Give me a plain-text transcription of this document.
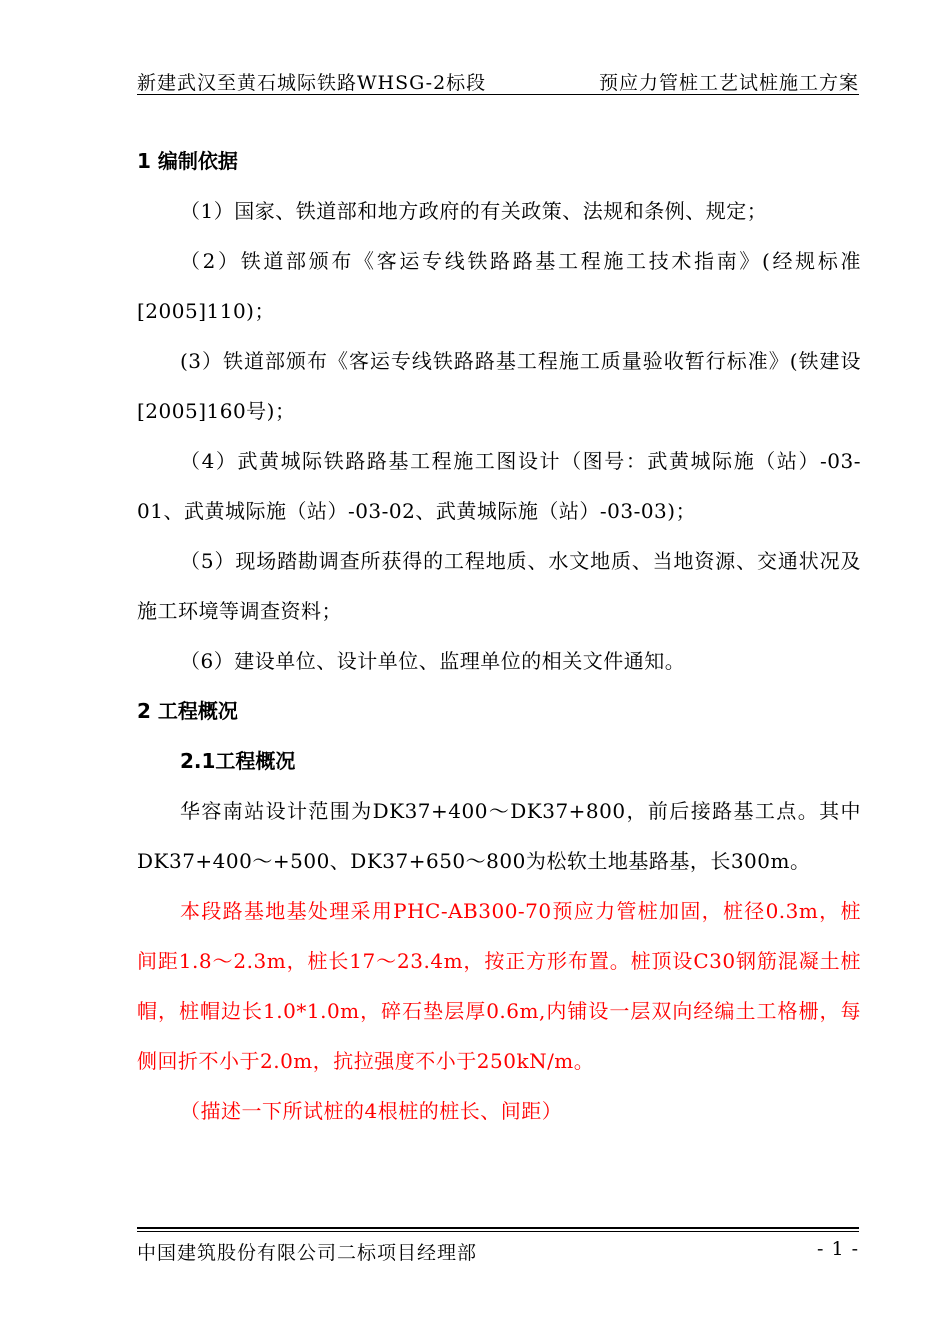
新建武汉至黄石城际铁路WHSG-2标段	预应力管桩工艺试桩施工方案

1 编制依据

（1）国家、铁道部和地方政府的有关政策、法规和条例、规定；

（2）铁道部颁布《客运专线铁路路基工程施工技术指南》(经规标准[2005]110)；

(3）铁道部颁布《客运专线铁路路基工程施工质量验收暂行标准》(铁建设[2005]160号)；

（4）武黄城际铁路路基工程施工图设计（图号：武黄城际施（站）-03-01、武黄城际施（站）-03-02、武黄城际施（站）-03-03)；

（5）现场踏勘调查所获得的工程地质、水文地质、当地资源、交通状况及施工环境等调查资料；

（6）建设单位、设计单位、监理单位的相关文件通知。

2 工程概况

2.1工程概况

华容南站设计范围为DK37+400～DK37+800，前后接路基工点。其中DK37+400～+500、DK37+650～800为松软土地基路基，长300m。

本段路基地基处理采用PHC-AB300-70预应力管桩加固，桩径0.3m，桩间距1.8～2.3m，桩长17～23.4m，按正方形布置。桩顶设C30钢筋混凝土桩帽，桩帽边长1.0*1.0m，碎石垫层厚0.6m,内铺设一层双向经编土工格栅，每侧回折不小于2.0m，抗拉强度不小于250kN/m。

（描述一下所试桩的4根桩的桩长、间距）

中国建筑股份有限公司二标项目经理部	- 1 -
